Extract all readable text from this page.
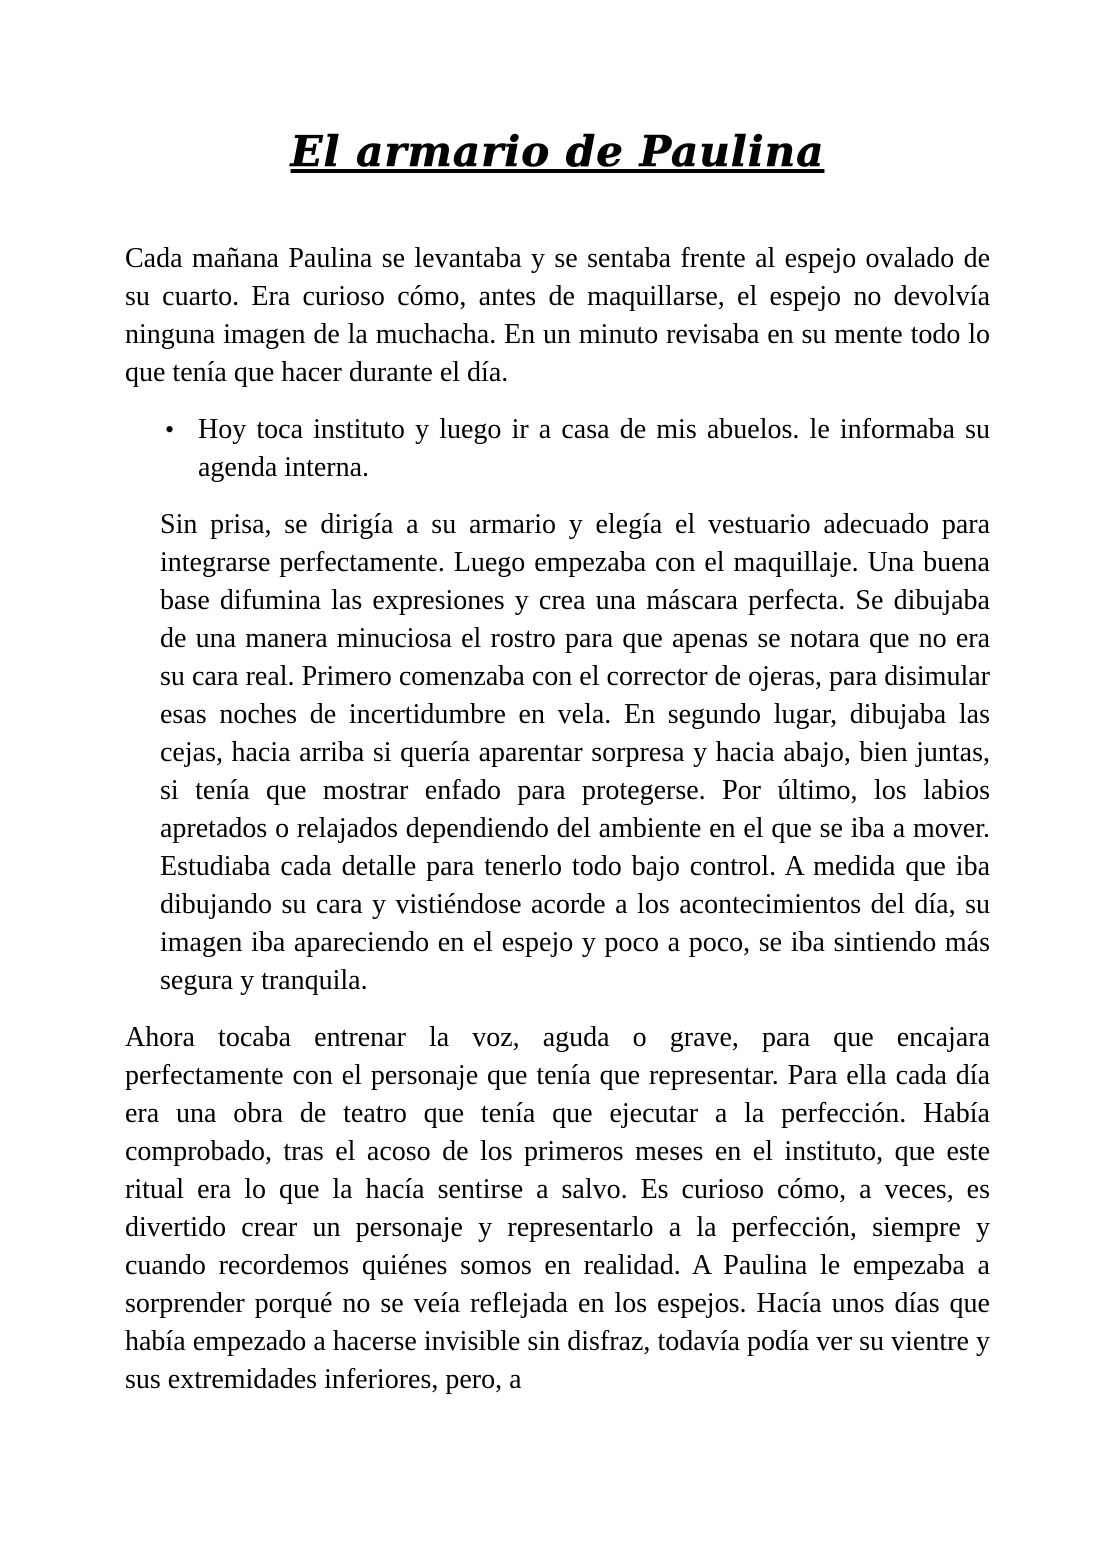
El armario de Paulina

Cada mañana Paulina se levantaba y se sentaba frente al espejo ovalado de su cuarto. Era curioso cómo, antes de maquillarse, el espejo no devolvía ninguna imagen de la muchacha. En un minuto revisaba en su mente todo lo que tenía que hacer durante el día.

• Hoy toca instituto y luego ir a casa de mis abuelos. le informaba su agenda interna.

Sin prisa, se dirigía a su armario y elegía el vestuario adecuado para integrarse perfectamente. Luego empezaba con el maquillaje. Una buena base difumina las expresiones y crea una máscara perfecta. Se dibujaba de una manera minuciosa el rostro para que apenas se notara que no era su cara real. Primero comenzaba con el corrector de ojeras, para disimular esas noches de incertidumbre en vela. En segundo lugar, dibujaba las cejas, hacia arriba si quería aparentar sorpresa y hacia abajo, bien juntas, si tenía que mostrar enfado para protegerse. Por último, los labios apretados o relajados dependiendo del ambiente en el que se iba a mover. Estudiaba cada detalle para tenerlo todo bajo control. A medida que iba dibujando su cara y vistiéndose acorde a los acontecimientos del día, su imagen iba apareciendo en el espejo y poco a poco, se iba sintiendo más segura y tranquila.

Ahora tocaba entrenar la voz, aguda o grave, para que encajara perfectamente con el personaje que tenía que representar. Para ella cada día era una obra de teatro que tenía que ejecutar a la perfección. Había comprobado, tras el acoso de los primeros meses en el instituto, que este ritual era lo que la hacía sentirse a salvo. Es curioso cómo, a veces, es divertido crear un personaje y representarlo a la perfección, siempre y cuando recordemos quiénes somos en realidad. A Paulina le empezaba a sorprender porqué no se veía reflejada en los espejos. Hacía unos días que había empezado a hacerse invisible sin disfraz, todavía podía ver su vientre y sus extremidades inferiores, pero, a
